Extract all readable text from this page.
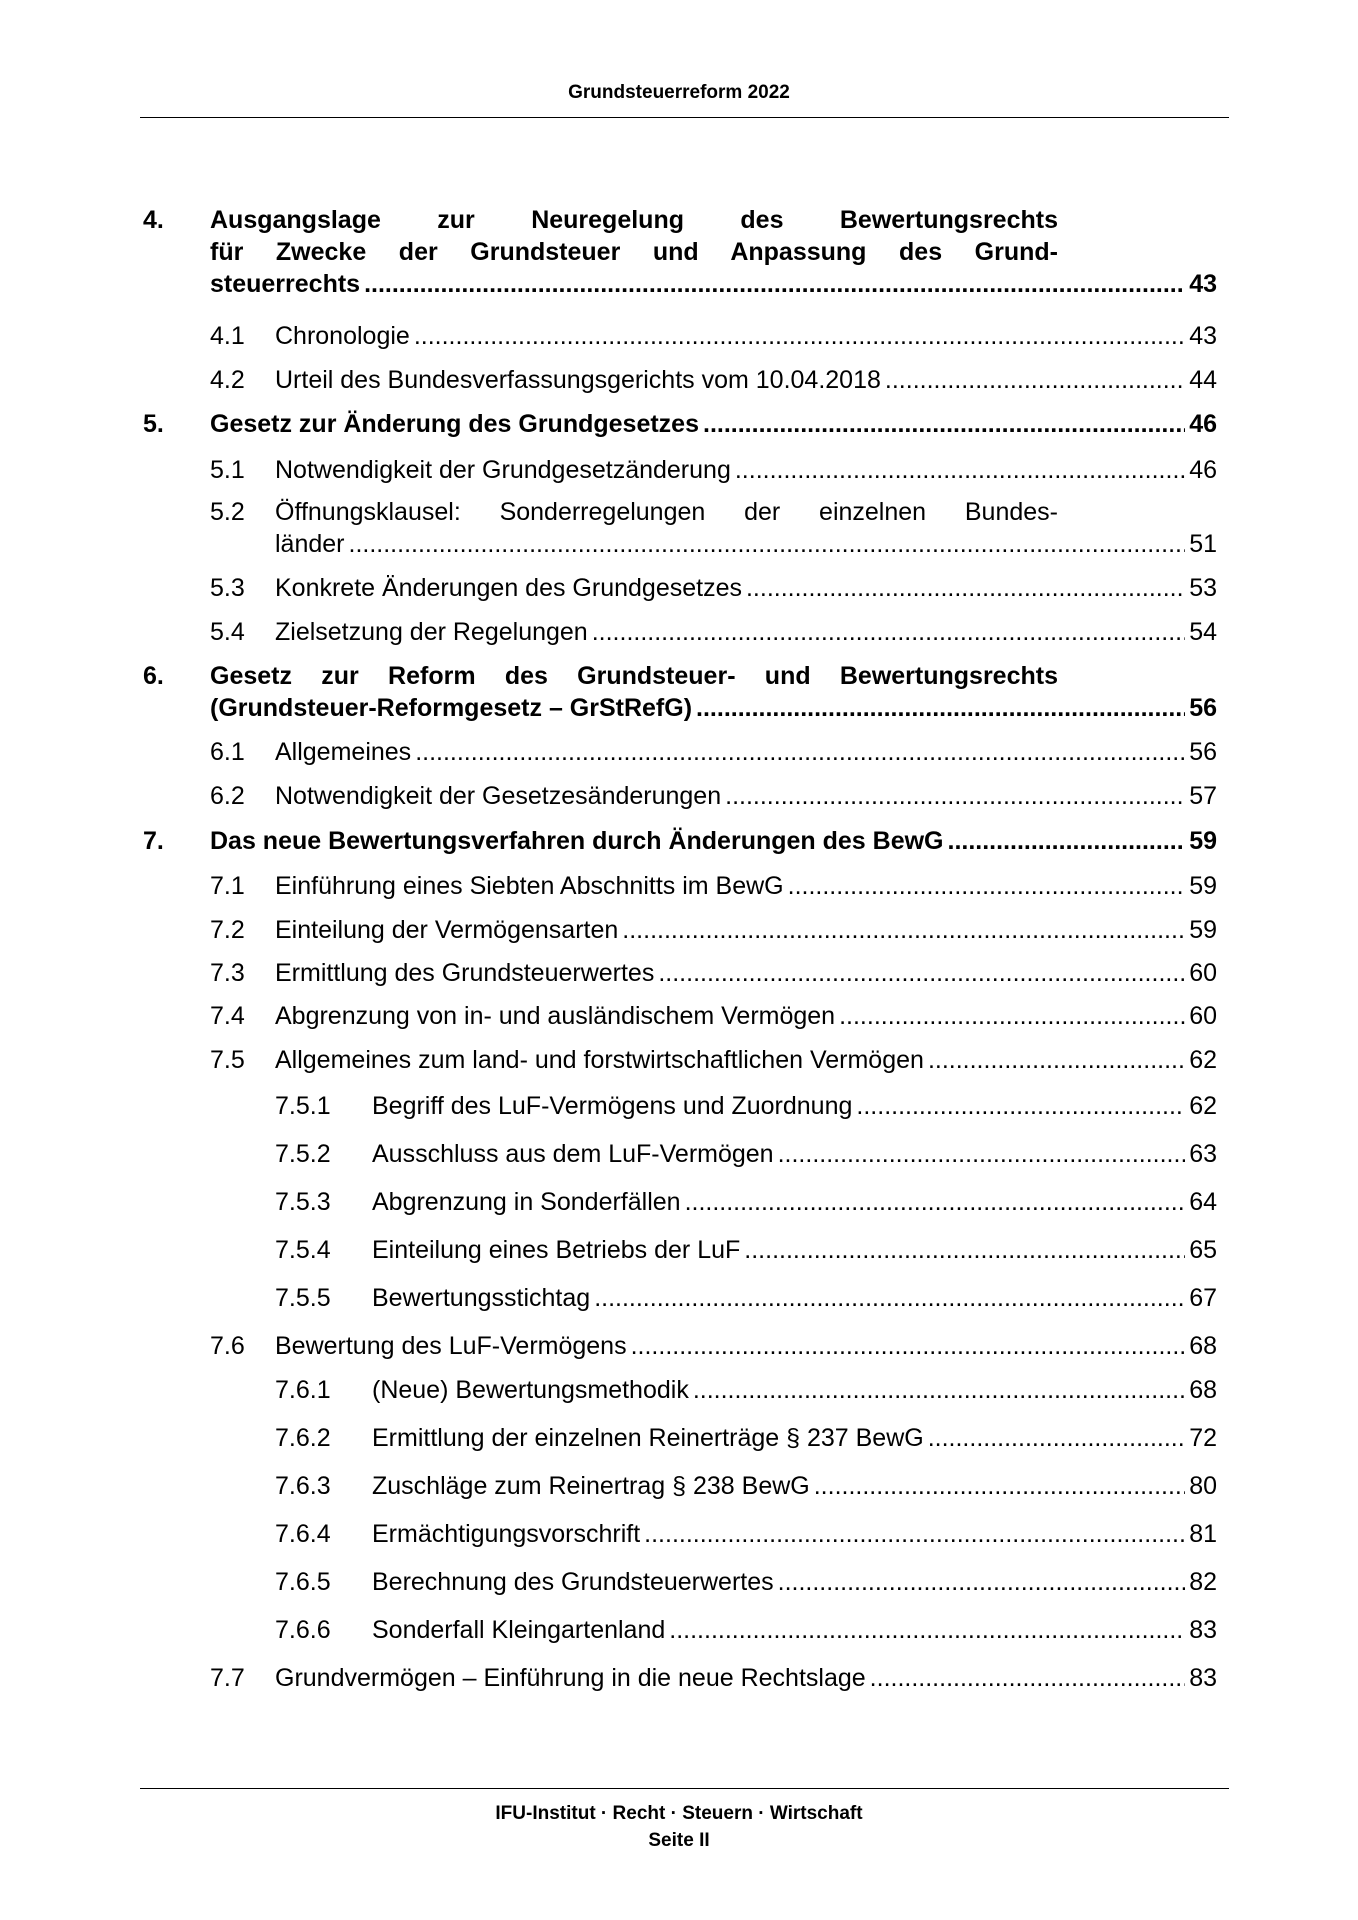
Grundsteuerreform 2022
4. Ausgangslage zur Neuregelung des Bewertungsrechts
für Zwecke der Grundsteuer und Anpassung des Grund-
steuerrechts .....	43
4.1 Chronologie .....	43
4.2 Urteil des Bundesverfassungsgerichts vom 10.04.2018 .....	44
5. Gesetz zur Änderung des Grundgesetzes .....	46
5.1 Notwendigkeit der Grundgesetzänderung .....	46
5.2 Öffnungsklausel: Sonderregelungen der einzelnen Bundes-
länder .....	51
5.3 Konkrete Änderungen des Grundgesetzes .....	53
5.4 Zielsetzung der Regelungen .....	54
6. Gesetz zur Reform des Grundsteuer- und Bewertungsrechts
(Grundsteuer-Reformgesetz – GrStRefG) .....	56
6.1 Allgemeines .....	56
6.2 Notwendigkeit der Gesetzesänderungen .....	57
7. Das neue Bewertungsverfahren durch Änderungen des BewG .....	59
7.1 Einführung eines Siebten Abschnitts im BewG .....	59
7.2 Einteilung der Vermögensarten .....	59
7.3 Ermittlung des Grundsteuerwertes .....	60
7.4 Abgrenzung von in- und ausländischem Vermögen .....	60
7.5 Allgemeines zum land- und forstwirtschaftlichen Vermögen .....	62
7.5.1 Begriff des LuF-Vermögens und Zuordnung .....	62
7.5.2 Ausschluss aus dem LuF-Vermögen .....	63
7.5.3 Abgrenzung in Sonderfällen .....	64
7.5.4 Einteilung eines Betriebs der LuF .....	65
7.5.5 Bewertungsstichtag .....	67
7.6 Bewertung des LuF-Vermögens .....	68
7.6.1 (Neue) Bewertungsmethodik .....	68
7.6.2 Ermittlung der einzelnen Reinerträge § 237 BewG .....	72
7.6.3 Zuschläge zum Reinertrag § 238 BewG .....	80
7.6.4 Ermächtigungsvorschrift .....	81
7.6.5 Berechnung des Grundsteuerwertes .....	82
7.6.6 Sonderfall Kleingartenland .....	83
7.7 Grundvermögen – Einführung in die neue Rechtslage .....	83
IFU-Institut · Recht · Steuern · Wirtschaft
Seite II
